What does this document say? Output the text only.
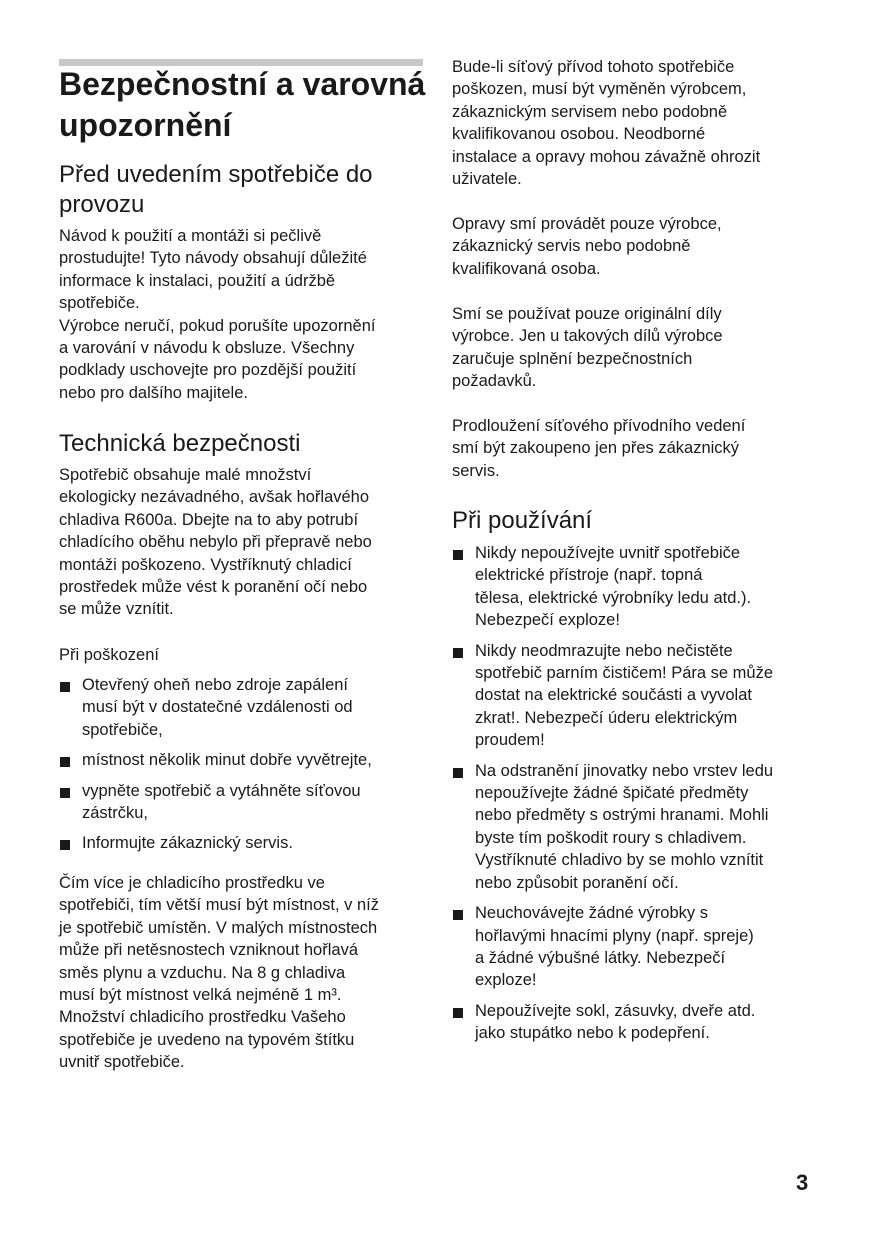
Bezpečnostní a varovná upozornění
Před uvedením spotřebiče do provozu

Návod k použití a montáži si pečlivě
prostudujte! Tyto návody obsahují důležité
informace k instalaci, použití a údržbě
spotřebiče.
Výrobce neručí, pokud porušíte upozornění
a varování v návodu k obsluze. Všechny
podklady uschovejte pro pozdější použití
nebo pro dalšího majitele.

Technická bezpečnosti

Spotřebič obsahuje malé množství
ekologicky nezávadného, avšak hořlavého
chladiva R600a. Dbejte na to aby potrubí
chladícího oběhu nebylo při přepravě nebo
montáži poškozeno. Vystříknutý chladicí
prostředek může vést k poranění očí nebo
se může vznítit.

Při poškození

Otevřený oheň nebo zdroje zapálení
musí být v dostatečné vzdálenosti od
spotřebiče,
místnost několik minut dobře vyvětrejte,
vypněte spotřebič a vytáhněte síťovou
zástrčku,
Informujte zákaznický servis.

Čím více je chladicího prostředku ve
spotřebiči, tím větší musí být místnost, v níž
je spotřebič umístěn. V malých místnostech
může při netěsnostech vzniknout hořlavá
směs plynu a vzduchu. Na 8 g chladiva
musí být místnost velká nejméně 1 m³.
Množství chladicího prostředku Vašeho
spotřebiče je uvedeno na typovém štítku
uvnitř spotřebiče.

Bude-li síťový přívod tohoto spotřebiče
poškozen, musí být vyměněn výrobcem,
zákaznickým servisem nebo podobně
kvalifikovanou osobou. Neodborné
instalace a opravy mohou závažně ohrozit
uživatele.

Opravy smí provádět pouze výrobce,
zákaznický servis nebo podobně
kvalifikovaná osoba.

Smí se používat pouze originální díly
výrobce. Jen u takových dílů výrobce
zaručuje splnění bezpečnostních
požadavků.

Prodloužení síťového přívodního vedení
smí být zakoupeno jen přes zákaznický
servis.

Při používání
Nikdy nepoužívejte uvnitř spotřebiče
elektrické přístroje (např. topná
tělesa, elektrické výrobníky ledu atd.).
Nebezpečí exploze!
Nikdy neodmrazujte nebo nečistěte
spotřebič parním čističem! Pára se může
dostat na elektrické součásti a vyvolat
zkrat!. Nebezpečí úderu elektrickým
proudem!
Na odstranění jinovatky nebo vrstev ledu
nepoužívejte žádné špičaté předměty
nebo předměty s ostrými hranami. Mohli
byste tím poškodit roury s chladivem.
Vystříknuté chladivo by se mohlo vznítit
nebo způsobit poranění očí.
Neuchovávejte žádné výrobky s
hořlavými hnacími plyny (např. spreje)
a žádné výbušné látky. Nebezpečí
exploze!
Nepoužívejte sokl, zásuvky, dveře atd.
jako stupátko nebo k podepření.
3
